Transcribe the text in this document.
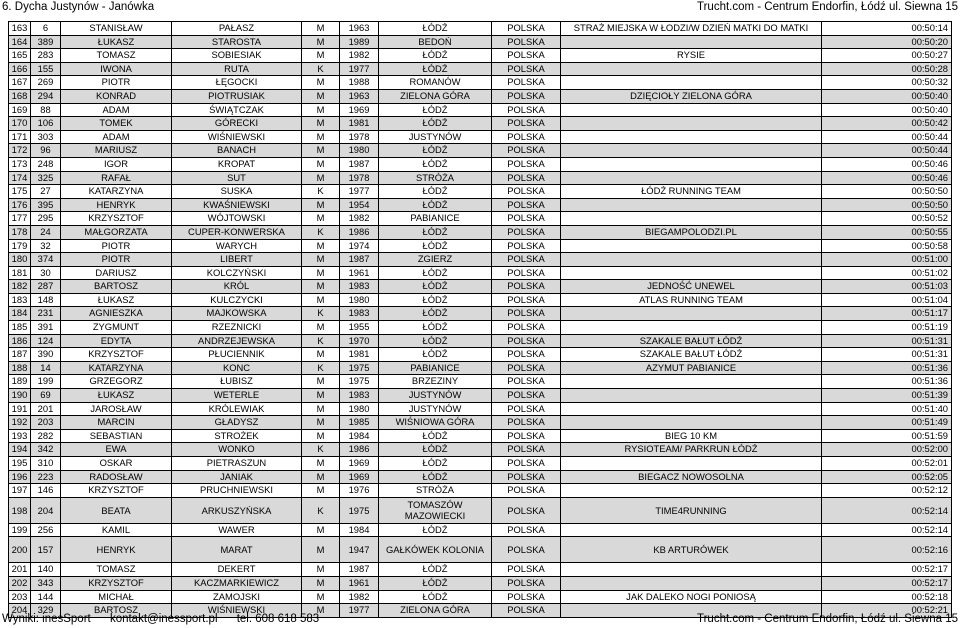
6. Dycha Justynów - Janówka	Trucht.com - Centrum Endorfin, Łódź ul. Siewna 15
163	6	STANISŁAW	PAŁASZ	M	1963	ŁÓDŹ	POLSKA	STRAŻ MIEJSKA W ŁODZI/W DZIEŃ MATKI DO MATKI	00:50:14
164	389	ŁUKASZ	STAROSTA	M	1989	BEDOŃ	POLSKA		00:50:20
165	283	TOMASZ	SOBIESIAK	M	1982	ŁÓDŹ	POLSKA	RYSIE	00:50:27
166	155	IWONA	RUTA	K	1977	ŁÓDŹ	POLSKA		00:50:28
167	269	PIOTR	ŁĘGOCKI	M	1988	ROMANÓW	POLSKA		00:50:32
168	294	KONRAD	PIOTRUSIAK	M	1963	ZIELONA GÓRA	POLSKA	DZIĘCIOŁY ZIELONA GÓRA	00:50:40
169	88	ADAM	ŚWIĄTCZAK	M	1969	ŁÓDŹ	POLSKA		00:50:40
170	106	TOMEK	GÓRECKI	M	1981	ŁÓDŹ	POLSKA		00:50:42
171	303	ADAM	WIŚNIEWSKI	M	1978	JUSTYNÓW	POLSKA		00:50:44
172	96	MARIUSZ	BANACH	M	1980	ŁÓDŹ	POLSKA		00:50:44
173	248	IGOR	KROPAT	M	1987	ŁÓDŹ	POLSKA		00:50:46
174	325	RAFAŁ	SUT	M	1978	STRÓŻA	POLSKA		00:50:46
175	27	KATARZYNA	SUSKA	K	1977	ŁÓDŹ	POLSKA	ŁÓDŹ RUNNING TEAM	00:50:50
176	395	HENRYK	KWAŚNIEWSKI	M	1954	ŁÓDŹ	POLSKA		00:50:50
177	295	KRZYSZTOF	WÓJTOWSKI	M	1982	PABIANICE	POLSKA		00:50:52
178	24	MAŁGORZATA	CUPER-KONWERSKA	K	1986	ŁÓDŹ	POLSKA	BIEGAMPOLODZI.PL	00:50:55
179	32	PIOTR	WARYCH	M	1974	ŁÓDŹ	POLSKA		00:50:58
180	374	PIOTR	LIBERT	M	1987	ZGIERZ	POLSKA		00:51:00
181	30	DARIUSZ	KOLCZYŃSKI	M	1961	ŁÓDŹ	POLSKA		00:51:02
182	287	BARTOSZ	KRÓL	M	1983	ŁÓDŹ	POLSKA	JEDNOŚĆ UNEWEL	00:51:03
183	148	ŁUKASZ	KULCZYCKI	M	1980	ŁÓDŹ	POLSKA	ATLAS RUNNING TEAM	00:51:04
184	231	AGNIESZKA	MAJKOWSKA	K	1983	ŁÓDŹ	POLSKA		00:51:17
185	391	ZYGMUNT	RZEZNICKI	M	1955	ŁÓDŹ	POLSKA		00:51:19
186	124	EDYTA	ANDRZEJEWSKA	K	1970	ŁÓDŹ	POLSKA	SZAKALE BAŁUT ŁÓDŹ	00:51:31
187	390	KRZYSZTOF	PŁUCIENNIK	M	1981	ŁÓDŹ	POLSKA	SZAKALE BAŁUT ŁÓDŹ	00:51:31
188	14	KATARZYNA	KONC	K	1975	PABIANICE	POLSKA	AZYMUT PABIANICE	00:51:36
189	199	GRZEGORZ	ŁUBISZ	M	1975	BRZEZINY	POLSKA		00:51:36
190	69	ŁUKASZ	WETERLE	M	1983	JUSTYNÓW	POLSKA		00:51:39
191	201	JAROSŁAW	KRÓLEWIAK	M	1980	JUSTYNÓW	POLSKA		00:51:40
192	203	MARCIN	GŁADYSZ	M	1985	WIŚNIOWA GÓRA	POLSKA		00:51:49
193	282	SEBASTIAN	STROŻEK	M	1984	ŁÓDŹ	POLSKA	BIEG 10 KM	00:51:59
194	342	EWA	WONKO	K	1986	ŁÓDŹ	POLSKA	RYSIOTEAM/ PARKRUN ŁÓDŹ	00:52:00
195	310	OSKAR	PIETRASZUN	M	1969	ŁÓDŹ	POLSKA		00:52:01
196	223	RADOSŁAW	JANIAK	M	1969	ŁÓDŹ	POLSKA	BIEGACZ NOWOSOLNA	00:52:05
197	146	KRZYSZTOF	PRUCHNIEWSKI	M	1976	STRÓŻA	POLSKA		00:52:12
198	204	BEATA	ARKUSZYŃSKA	K	1975	TOMASZÓW MAZOWIECKI	POLSKA	TIME4RUNNING	00:52:14
199	256	KAMIL	WAWER	M	1984	ŁÓDŹ	POLSKA		00:52:14
200	157	HENRYK	MARAT	M	1947	GAŁKÓWEK KOLONIA	POLSKA	KB ARTURÓWEK	00:52:16
201	140	TOMASZ	DEKERT	M	1987	ŁÓDŹ	POLSKA		00:52:17
202	343	KRZYSZTOF	KACZMARKIEWICZ	M	1961	ŁÓDŹ	POLSKA		00:52:17
203	144	MICHAŁ	ZAMOJSKI	M	1982	ŁÓDŹ	POLSKA	JAK DALEKO NOGI PONIOSĄ	00:52:18
204	329	BARTOSZ	WIŚNIEWSKI	M	1977	ZIELONA GÓRA	POLSKA		00:52:21
Wyniki: inesSport kontakt@inessport.pl tel. 608 618 583	Trucht.com - Centrum Endorfin, Łódź ul. Siewna 15
